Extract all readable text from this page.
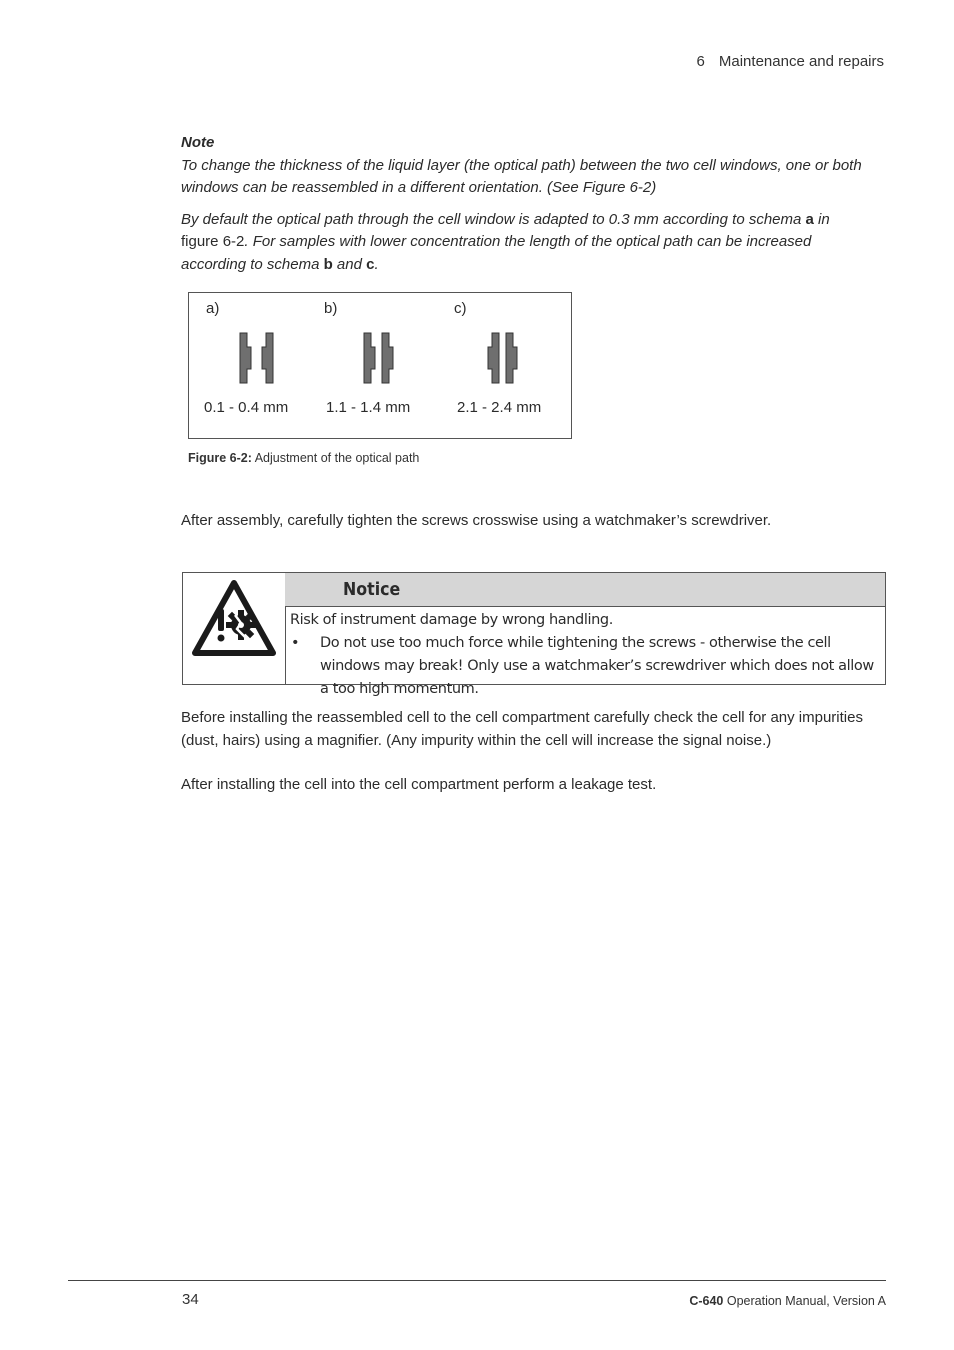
6 Maintenance and repairs
Note
To change the thickness of the liquid layer (the optical path) between the two cell windows, one or both windows can be reassembled in a different orientation. (See Figure 6-2)
By default the optical path through the cell window is adapted to 0.3 mm according to schema a in figure 6-2. For samples with lower concentration the length of the optical path can be increased according to schema b and c.
a)
0.1 - 0.4 mm
b)
1.1 - 1.4 mm
c)
2.1 - 2.4 mm
Figure 6-2: Adjustment of the optical path
After assembly, carefully tighten the screws crosswise using a watchmaker’s screwdriver.
Notice
Risk of instrument damage by wrong handling.
•	Do not use too much force while tightening the screws - otherwise the cell windows may break! Only use a watchmaker’s screwdriver which does not allow a too high momentum.
Before installing the reassembled cell to the cell compartment carefully check the cell for any impurities (dust, hairs) using a magnifier. (Any impurity within the cell will increase the signal noise.)
After installing the cell into the cell compartment perform a leakage test.
34	C-640 Operation Manual, Version A
